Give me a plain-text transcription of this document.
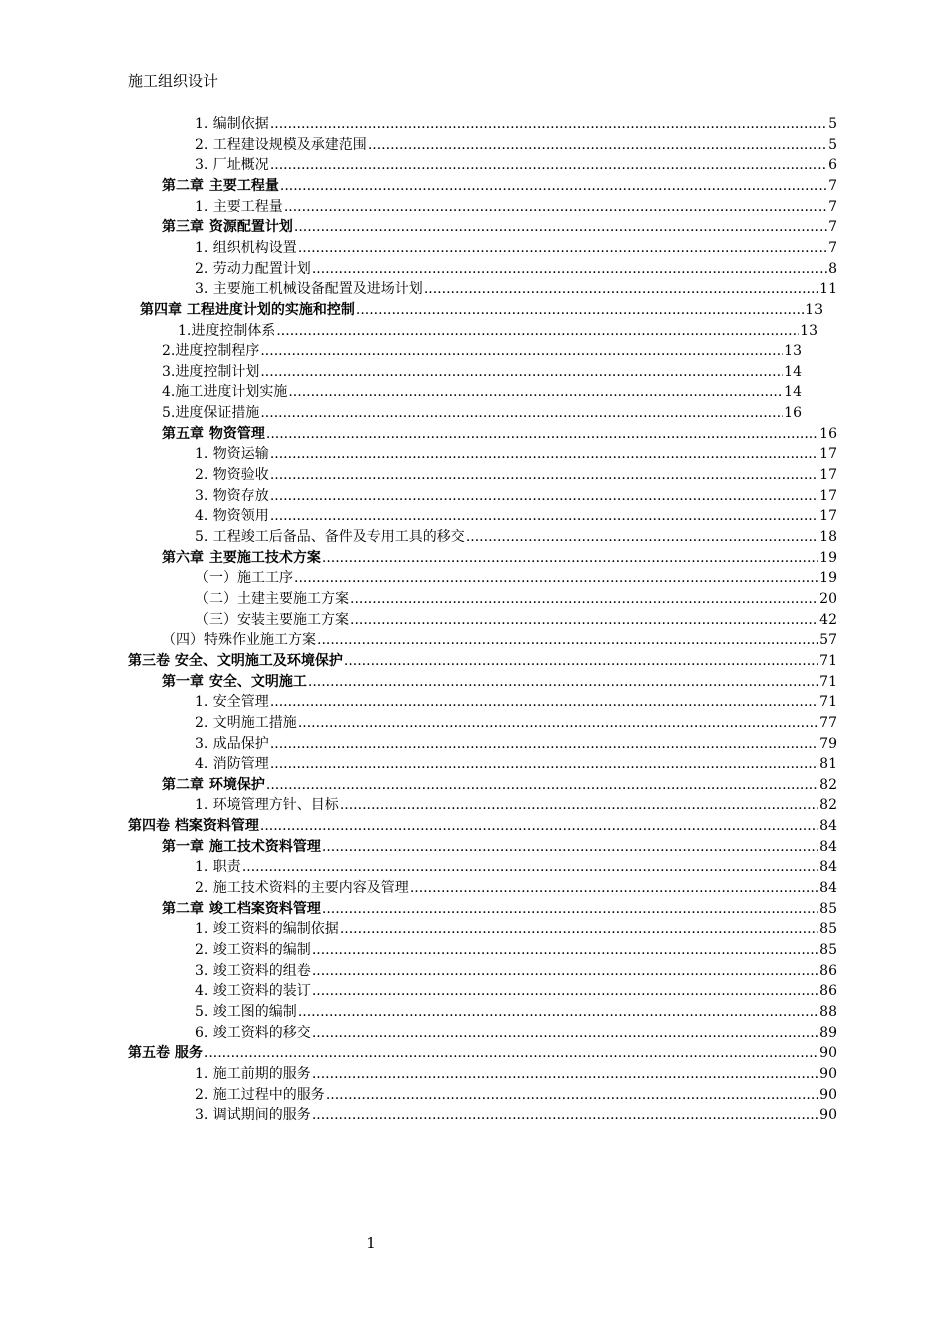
施工组织设计
1. 编制依据 .....	5
2. 工程建设规模及承建范围 .....	5
3. 厂址概况 .....	6
第二章 主要工程量 .....	7
1. 主要工程量 .....	7
第三章 资源配置计划 .....	7
1. 组织机构设置 .....	7
2. 劳动力配置计划 .....	8
3. 主要施工机械设备配置及进场计划 .....	11
第四章 工程进度计划的实施和控制 .....	13
1.进度控制体系 .....	13
2.进度控制程序 .....	13
3.进度控制计划 .....	14
4.施工进度计划实施 .....	14
5.进度保证措施 .....	16
第五章 物资管理 .....	16
1. 物资运输 .....	17
2. 物资验收 .....	17
3. 物资存放 .....	17
4. 物资领用 .....	17
5. 工程竣工后备品、备件及专用工具的移交 .....	18
第六章 主要施工技术方案 .....	19
（一）施工工序 .....	19
（二）土建主要施工方案 .....	20
（三）安装主要施工方案 .....	42
（四）特殊作业施工方案 .....	57
第三卷 安全、文明施工及环境保护 .....	71
第一章 安全、文明施工 .....	71
1. 安全管理 .....	71
2. 文明施工措施 .....	77
3. 成品保护 .....	79
4. 消防管理 .....	81
第二章 环境保护 .....	82
1. 环境管理方针、目标 .....	82
第四卷 档案资料管理 .....	84
第一章 施工技术资料管理 .....	84
1. 职责 .....	84
2. 施工技术资料的主要内容及管理 .....	84
第二章 竣工档案资料管理 .....	85
1. 竣工资料的编制依据 .....	85
2. 竣工资料的编制 .....	85
3. 竣工资料的组卷 .....	86
4. 竣工资料的装订 .....	86
5. 竣工图的编制 .....	88
6. 竣工资料的移交 .....	89
第五卷 服务 .....	90
1. 施工前期的服务 .....	90
2. 施工过程中的服务 .....	90
3. 调试期间的服务 .....	90
1
